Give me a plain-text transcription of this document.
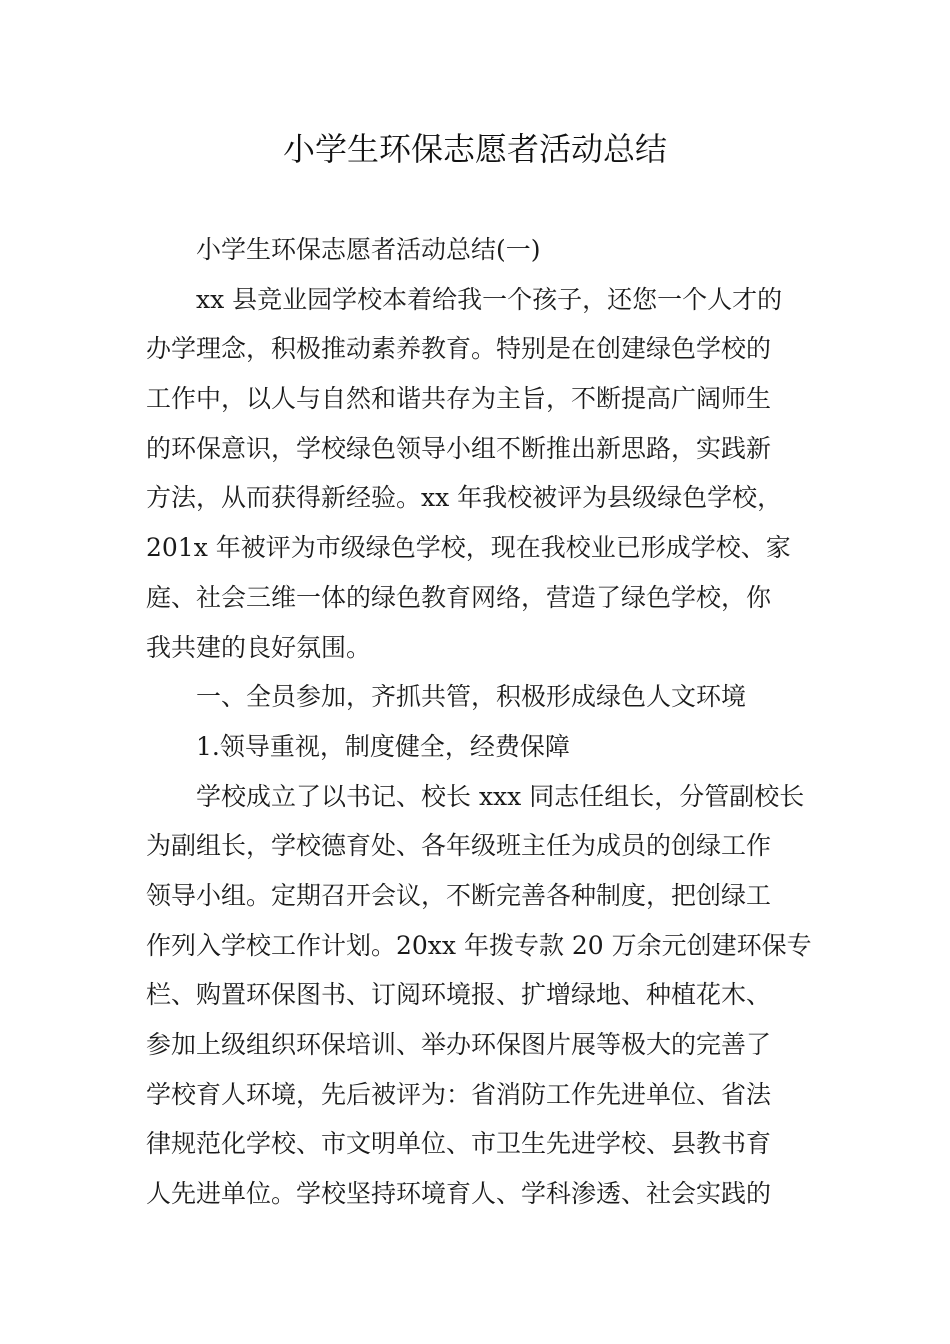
小学生环保志愿者活动总结
小学生环保志愿者活动总结(一)
xx 县竞业园学校本着给我一个孩子，还您一个人才的
办学理念，积极推动素养教育。特别是在创建绿色学校的
工作中，以人与自然和谐共存为主旨，不断提高广阔师生
的环保意识，学校绿色领导小组不断推出新思路，实践新
方法，从而获得新经验。xx 年我校被评为县级绿色学校，
201x 年被评为市级绿色学校，现在我校业已形成学校、家
庭、社会三维一体的绿色教育网络，营造了绿色学校，你
我共建的良好氛围。
一、全员参加，齐抓共管，积极形成绿色人文环境
1.领导重视，制度健全，经费保障
学校成立了以书记、校长 xxx 同志任组长，分管副校长
为副组长，学校德育处、各年级班主任为成员的创绿工作
领导小组。定期召开会议，不断完善各种制度，把创绿工
作列入学校工作计划。20xx 年拨专款 20 万余元创建环保专
栏、购置环保图书、订阅环境报、扩增绿地、种植花木、
参加上级组织环保培训、举办环保图片展等极大的完善了
学校育人环境，先后被评为：省消防工作先进单位、省法
律规范化学校、市文明单位、市卫生先进学校、县教书育
人先进单位。学校坚持环境育人、学科渗透、社会实践的
